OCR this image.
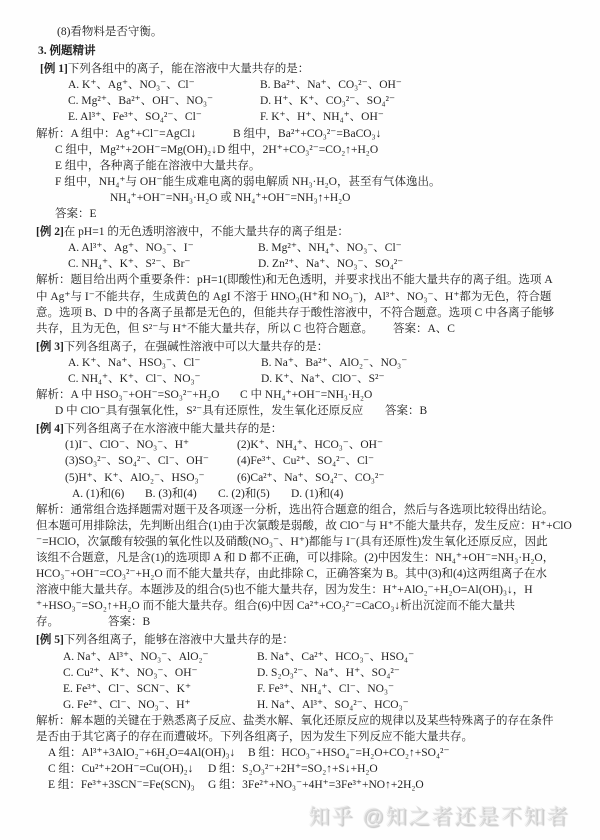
(8)看物料是否守衡。
3. 例题精讲
[例 1]下列各组中的离子，能在溶液中大量共存的是：
A. K⁺、Ag⁺、NO₃⁻、Cl⁻	B. Ba²⁺、Na⁺、CO₃²⁻、OH⁻
C. Mg²⁺、Ba²⁺、OH⁻、NO₃⁻	D. H⁺、K⁺、CO₃²⁻、SO₄²⁻
E. Al³⁺、Fe³⁺、SO₄²⁻、Cl⁻	F. K⁺、H⁺、NH₄⁺、OH⁻
解析：A 组中：Ag⁺+Cl⁻=AgCl↓	B 组中，Ba²⁺+CO₃²⁻=BaCO₃↓
C 组中，Mg²⁺+2OH⁻=Mg(OH)₂↓D 组中，2H⁺+CO₃²⁻=CO₂↑+H₂O
E 组中，各种离子能在溶液中大量共存。
F 组中，NH₄⁺与 OH⁻能生成难电离的弱电解质 NH₃·H₂O，甚至有气体逸出。
NH₄⁺+OH⁻=NH₃·H₂O 或 NH₄⁺+OH⁻=NH₃↑+H₂O
答案：E
[例 2]在 pH=1 的无色透明溶液中，不能大量共存的离子组是：
A. Al³⁺、Ag⁺、NO₃⁻、I⁻	B. Mg²⁺、NH₄⁺、NO₃⁻、Cl⁻
C. NH₄⁺、K⁺、S²⁻、Br⁻	D. Zn²⁺、Na⁺、NO₃⁻、SO₄²⁻
解析：题目给出两个重要条件：pH=1(即酸性)和无色透明，并要求找出不能大量共存的离子组。选项 A
中 Ag⁺与 I⁻不能共存，生成黄色的 AgI 不溶于 HNO₃(H⁺和 NO₃⁻)，Al³⁺、NO₃⁻、H⁺都为无色，符合题
意。选项 B、D 中的各离子虽都是无色的，但能共存于酸性溶液中，不符合题意。选项 C 中各离子能够
共存，且为无色，但 S²⁻与 H⁺不能大量共存，所以 C 也符合题意。 答案：A、C
[例 3]下列各组离子，在强碱性溶液中可以大量共存的是：
A. K⁺、Na⁺、HSO₃⁻、Cl⁻	B. Na⁺、Ba²⁺、AlO₂⁻、NO₃⁻
C. NH₄⁺、K⁺、Cl⁻、NO₃⁻	D. K⁺、Na⁺、ClO⁻、S²⁻
解析：A 中 HSO₃⁻+OH⁻=SO₃²⁻+H₂O C 中 NH₄⁺+OH⁻=NH₃·H₂O
D 中 ClO⁻具有强氧化性，S²⁻具有还原性，发生氧化还原反应 答案：B
[例 4]下列各组离子在水溶液中能大量共存的是：
(1)I⁻、ClO⁻、NO₃⁻、H⁺	(2)K⁺、NH₄⁺、HCO₃⁻、OH⁻
(3)SO₃²⁻、SO₄²⁻、Cl⁻、OH⁻ (4)Fe³⁺、Cu²⁺、SO₄²⁻、Cl⁻
(5)H⁺、K⁺、AlO₂⁻、HSO₃⁻	(6)Ca²⁺、Na⁺、SO₄²⁻、CO₃²⁻
A. (1)和(6) B. (3)和(4) C. (2)和(5) D. (1)和(4)
解析：通常组合选择题需对题干及各项逐一分析，选出符合题意的组合，然后与各选项比较得出结论。
但本题可用排除法，先判断出组合(1)由于次氯酸是弱酸，故 ClO⁻与 H⁺不能大量共存，发生反应：H⁺+ClO
⁻=HClO，次氯酸有较强的氧化性以及硝酸(NO₃⁻、H⁺)都能与 I⁻(具有还原性)发生氧化还原反应，因此
该组不合题意，凡是含(1)的选项即 A 和 D 都不正确，可以排除。(2)中因发生：NH₄⁺+OH⁻=NH₃·H₂O，
HCO₃⁻+OH⁻=CO₃²⁻+H₂O 而不能大量共存，由此排除 C，正确答案为 B。其中(3)和(4)这两组离子在水
溶液中能大量共存。本题涉及的组合(5)也不能大量共存，因为发生：H⁺+AlO₂⁻+H₂O=Al(OH)₃↓，H
⁺+HSO₃⁻=SO₂↑+H₂O 而不能大量共存。组合(6)中因 Ca²⁺+CO₃²⁻=CaCO₃↓析出沉淀而不能大量共
存。	答案：B
[例 5]下列各组离子，能够在溶液中大量共存的是：
A. Na⁺、Al³⁺、NO₃⁻、AlO₂⁻	B. Na⁺、Ca²⁺、HCO₃⁻、HSO₄⁻
C. Cu²⁺、K⁺、NO₃⁻、OH⁻	D. S₂O₃²⁻、Na⁺、H⁺、SO₄²⁻
E. Fe³⁺、Cl⁻、SCN⁻、K⁺	F. Fe³⁺、NH₄⁺、Cl⁻、NO₃⁻
G. Fe²⁺、Cl⁻、NO₃⁻、H⁺	H. Na⁺、Al³⁺、SO₄²⁻、HCO₃⁻
解析：解本题的关键在于熟悉离子反应、盐类水解、氧化还原反应的规律以及某些特殊离子的存在条件
是否由于其它离子的存在而遭破坏。下列各组离子，因为发生下列反应不能大量共存。
A 组：Al³⁺+3AlO₂⁻+6H₂O=4Al(OH)₃↓ B 组：HCO₃⁻+HSO₄⁻=H₂O+CO₂↑+SO₄²⁻
C 组：Cu²⁺+2OH⁻=Cu(OH)₂↓ D 组：S₂O₃²⁻+2H⁺=SO₂↑+S↓+H₂O
E 组：Fe³⁺+3SCN⁻=Fe(SCN)₃ G 组：3Fe²⁺+NO₃⁻+4H⁺=3Fe³⁺+NO↑+2H₂O
知乎 @知之者还是不知者
